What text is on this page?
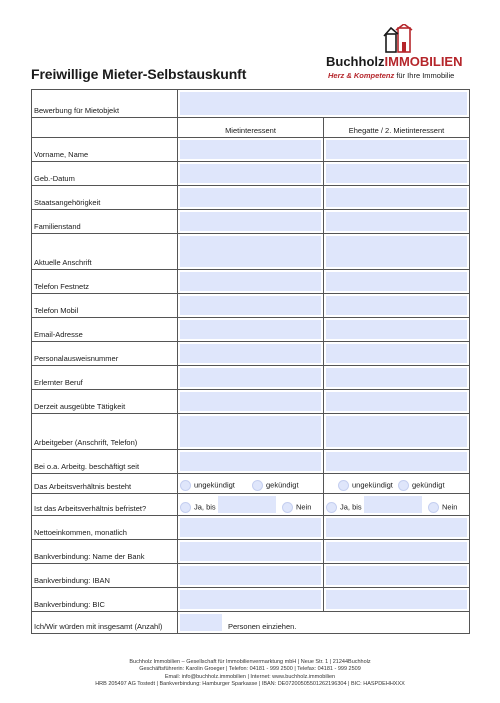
Freiwillige Mieter-Selbstauskunft
BuchholzIMMOBILIEN
Herz & Kompetenz für Ihre Immobilie
Bewerbung für Mietobjekt		

	Mietinteressent	Ehegatte / 2. Mietinteressent
Vorname, Name	

Geb.-Datum	

Staatsangehörigkeit	

Familienstand	

Aktuelle Anschrift	

Telefon Festnetz	

Telefon Mobil	

Email-Adresse	

Personalausweisnummer	

Erlernter Beruf	

Derzeit ausgeübte Tätigkeit	

Arbeitgeber (Anschrift, Telefon)	

Bei o.a. Arbeitg. beschäftigt seit	

Das Arbeitsverhältnis besteht	ungekündigt gekündigt	ungekündigt gekündigt

Ist das Arbeitsverhältnis befristet?	Ja, bis Nein	Ja, bis Nein

Nettoeinkommen, monatlich	

Bankverbindung: Name der Bank	

Bankverbindung: IBAN	

Bankverbindung: BIC	

Ich/Wir würden mit insgesamt (Anzahl)	Personen einziehen.	
Buchholz Immobilien – Gesellschaft für Immobilienvermarktung mbH | Neue Str. 1 | 21244Buchholz
Geschäftsführerin: Karolin Groeger | Telefon: 04181 - 999 2500 | Telefax: 04181 - 999 2509
Email: info@buchholz.immobilien | Internet: www.buchholz.immobilien
HRB 205497 AG Tostedt | Bankverbindung: Hamburger Sparkasse | IBAN: DE07200505501262196304 | BIC: HASPDEHHXXX
